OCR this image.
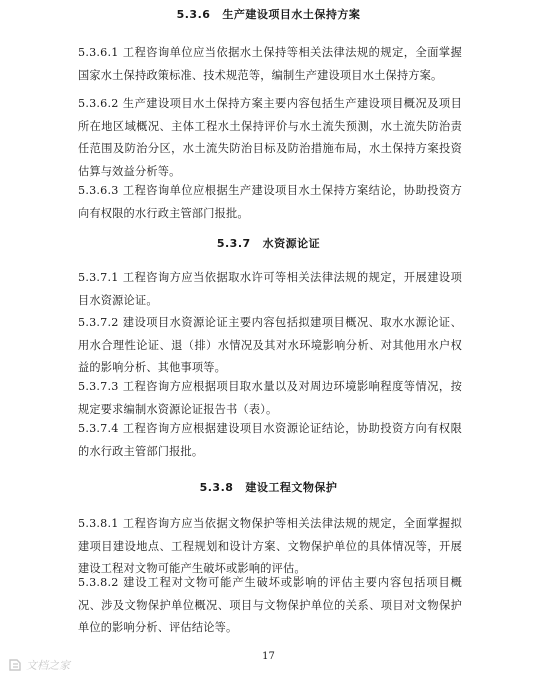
5.3.6 生产建设项目水土保持方案
5.3.6.1 工程咨询单位应当依据水土保持等相关法律法规的规定，全面掌握国家水土保持政策标准、技术规范等，编制生产建设项目水土保持方案。
5.3.6.2 生产建设项目水土保持方案主要内容包括生产建设项目概况及项目所在地区域概况、主体工程水土保持评价与水土流失预测，水土流失防治责任范围及防治分区，水土流失防治目标及防治措施布局，水土保持方案投资估算与效益分析等。
5.3.6.3 工程咨询单位应根据生产建设项目水土保持方案结论，协助投资方向有权限的水行政主管部门报批。
5.3.7 水资源论证
5.3.7.1 工程咨询方应当依据取水许可等相关法律法规的规定，开展建设项目水资源论证。
5.3.7.2 建设项目水资源论证主要内容包括拟建项目概况、取水水源论证、用水合理性论证、退（排）水情况及其对水环境影响分析、对其他用水户权益的影响分析、其他事项等。
5.3.7.3 工程咨询方应根据项目取水量以及对周边环境影响程度等情况，按规定要求编制水资源论证报告书（表）。
5.3.7.4 工程咨询方应根据建设项目水资源论证结论，协助投资方向有权限的水行政主管部门报批。
5.3.8 建设工程文物保护
5.3.8.1 工程咨询方应当依据文物保护等相关法律法规的规定，全面掌握拟建项目建设地点、工程规划和设计方案、文物保护单位的具体情况等，开展建设工程对文物可能产生破坏或影响的评估。
5.3.8.2 建设工程对文物可能产生破坏或影响的评估主要内容包括项目概况、涉及文物保护单位概况、项目与文物保护单位的关系、项目对文物保护单位的影响分析、评估结论等。
17
文档之家
